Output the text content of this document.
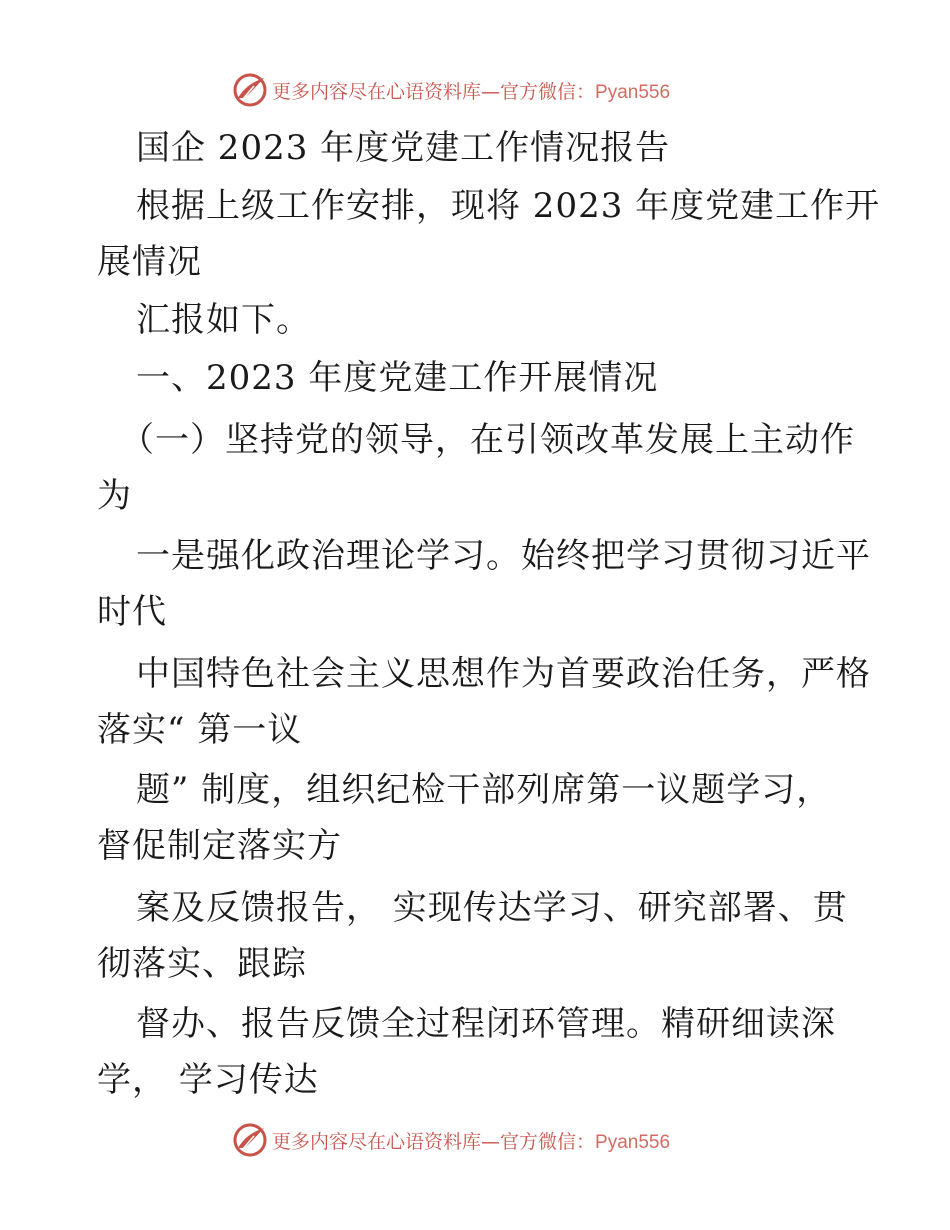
更多内容尽在心语资料库—官方微信：Pyan556
国企 2023 年度党建工作情况报告
根据上级工作安排，现将 2023 年度党建工作开
展情况
汇报如下。
一、2023 年度党建工作开展情况
（一）坚持党的领导，在引领改革发展上主动作
为
一是强化政治理论学习。始终把学习贯彻习近平
时代
中国特色社会主义思想作为首要政治任务，严格
落实“ 第一议
题” 制度，组织纪检干部列席第一议题学习，
督促制定落实方
案及反馈报告， 实现传达学习、研究部署、贯
彻落实、跟踪
督办、报告反馈全过程闭环管理。精研细读深
学， 学习传达
更多内容尽在心语资料库—官方微信：Pyan556
